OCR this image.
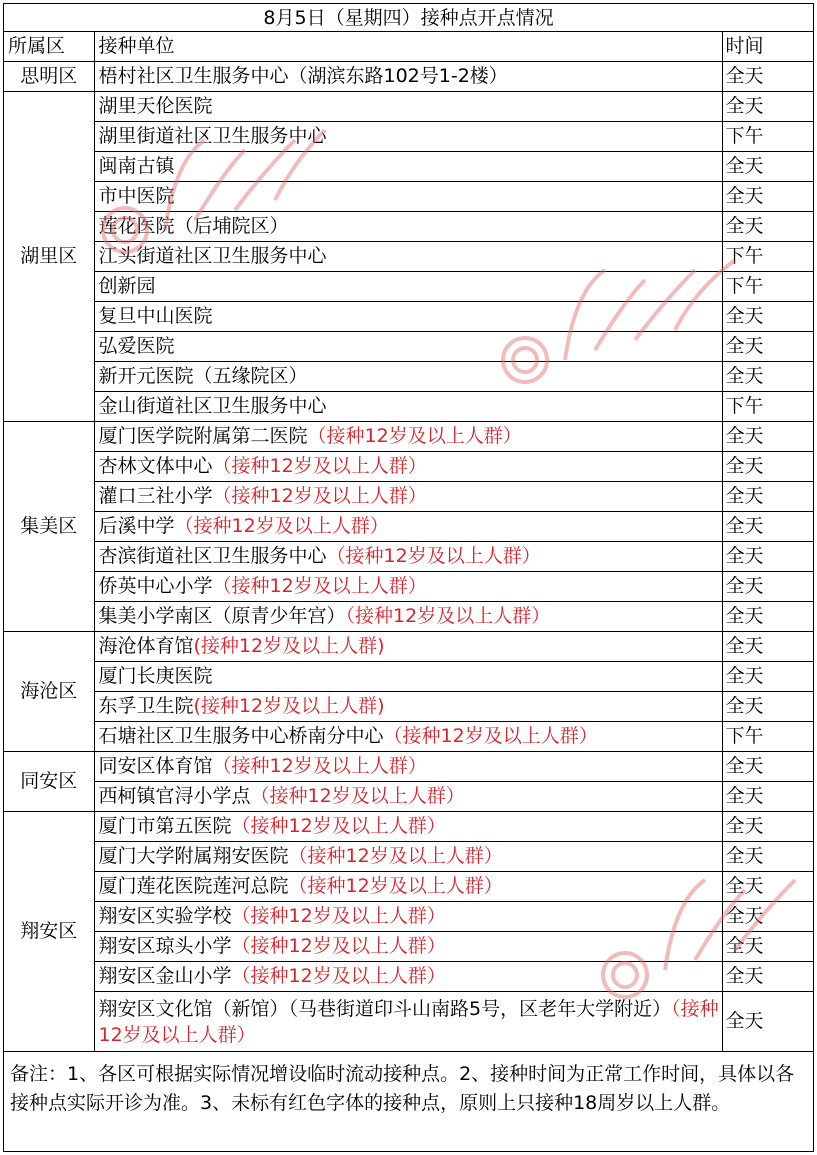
8月5日（星期四）接种点开点情况
所属区	接种单位	时间
思明区	梧村社区卫生服务中心（湖滨东路102号1-2楼）	全天
湖里区	湖里天伦医院	全天
	湖里街道社区卫生服务中心	下午
	闽南古镇	全天
	市中医院	全天
	莲花医院（后埔院区）	全天
	江头街道社区卫生服务中心	下午
	创新园	下午
	复旦中山医院	全天
	弘爱医院	全天
	新开元医院（五缘院区）	全天
	金山街道社区卫生服务中心	下午
集美区	厦门医学院附属第二医院（接种12岁及以上人群）	全天
	杏林文体中心（接种12岁及以上人群）	全天
	灌口三社小学（接种12岁及以上人群）	全天
	后溪中学（接种12岁及以上人群）	全天
	杏滨街道社区卫生服务中心（接种12岁及以上人群）	全天
	侨英中心小学（接种12岁及以上人群）	全天
	集美小学南区（原青少年宫）（接种12岁及以上人群）	全天
海沧区	海沧体育馆(接种12岁及以上人群)	全天
	厦门长庚医院	全天
	东孚卫生院(接种12岁及以上人群)	全天
	石塘社区卫生服务中心桥南分中心（接种12岁及以上人群）	下午
同安区	同安区体育馆（接种12岁及以上人群）	全天
	西柯镇官浔小学点（接种12岁及以上人群）	全天
翔安区	厦门市第五医院（接种12岁及以上人群）	全天
	厦门大学附属翔安医院（接种12岁及以上人群）	全天
	厦门莲花医院莲河总院（接种12岁及以上人群）	全天
	翔安区实验学校（接种12岁及以上人群）	全天
	翔安区琼头小学（接种12岁及以上人群）	全天
	翔安区金山小学（接种12岁及以上人群）	全天
	翔安区文化馆（新馆）（马巷街道印斗山南路5号，区老年大学附近）（接种12岁及以上人群）	全天
备注：1、各区可根据实际情况增设临时流动接种点。2、接种时间为正常工作时间，具体以各接种点实际开诊为准。3、未标有红色字体的接种点，原则上只接种18周岁以上人群。
